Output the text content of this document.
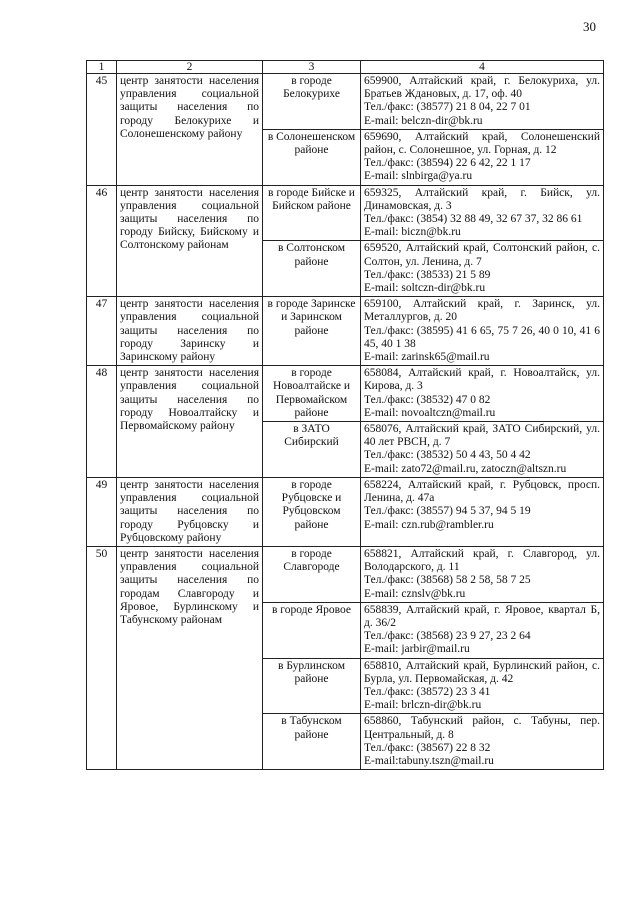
30
1	2	3	4
45	центр занятости населения управления социальной защиты населения по городу Белокурихе и Солонешенскому району	в городе Белокурихе	659900, Алтайский край, г. Белокуриха, ул. Братьев Ждановых, д. 17, оф. 40
Тел./факс: (38577) 21 8 04, 22 7 01
E-mail: belczn-dir@bk.ru

		в Солонешенском районе	659690, Алтайский край, Солонешенский район, с. Солонешное, ул. Горная, д. 12
Тел./факс: (38594) 22 6 42, 22 1 17
E-mail: slnbirga@ya.ru

46	центр занятости населения управления социальной защиты населения по городу Бийску, Бийскому и Солтонскому районам	в городе Бийске и Бийском районе	659325, Алтайский край, г. Бийск, ул. Динамовская, д. 3
Тел./факс: (3854) 32 88 49, 32 67 37, 32 86 61
E-mail: biczn@bk.ru

		в Солтонском районе	659520, Алтайский край, Солтонский район, с. Солтон, ул. Ленина, д. 7
Тел./факс: (38533) 21 5 89
E-mail: soltczn-dir@bk.ru

47	центр занятости населения управления социальной защиты населения по городу Заринску и Заринскому району	в городе Заринске и Заринском районе	659100, Алтайский край, г. Заринск, ул. Металлургов, д. 20
Тел./факс: (38595) 41 6 65, 75 7 26, 40 0 10, 41 6 45, 40 1 38
E-mail: zarinsk65@mail.ru

48	центр занятости населения управления социальной защиты населения по городу Новоалтайску и Первомайскому району	в городе Новоалтайске и Первомайском районе	658084, Алтайский край, г. Новоалтайск, ул. Кирова, д. 3
Тел./факс: (38532) 47 0 82
E-mail: novoaltczn@mail.ru

		в ЗАТО Сибирский	658076, Алтайский край, ЗАТО Сибирский, ул. 40 лет РВСН, д. 7
Тел./факс: (38532) 50 4 43, 50 4 42
E-mail: zato72@mail.ru, zatoczn@altszn.ru

49	центр занятости населения управления социальной защиты населения по городу Рубцовску и Рубцовскому району	в городе Рубцовске и Рубцовском районе	658224, Алтайский край, г. Рубцовск, просп. Ленина, д. 47а
Тел./факс: (38557) 94 5 37, 94 5 19
E-mail: czn.rub@rambler.ru

50	центр занятости населения управления социальной защиты населения по городам Славгороду и Яровое, Бурлинскому и Табунскому районам	в городе Славгороде	658821, Алтайский край, г. Славгород, ул. Володарского, д. 11
Тел./факс: (38568) 58 2 58, 58 7 25
E-mail: cznslv@bk.ru

		в городе Яровое	658839, Алтайский край, г. Яровое, квартал Б, д. 36/2
Тел./факс: (38568) 23 9 27, 23 2 64
E-mail: jarbir@mail.ru

		в Бурлинском районе	658810, Алтайский край, Бурлинский район, с. Бурла, ул. Первомайская, д. 42
Тел./факс: (38572) 23 3 41
E-mail: brlczn-dir@bk.ru

		в Табунском районе	658860, Табунский район, с. Табуны, пер. Центральный, д. 8
Тел./факс: (38567) 22 8 32
E-mail:tabuny.tszn@mail.ru
